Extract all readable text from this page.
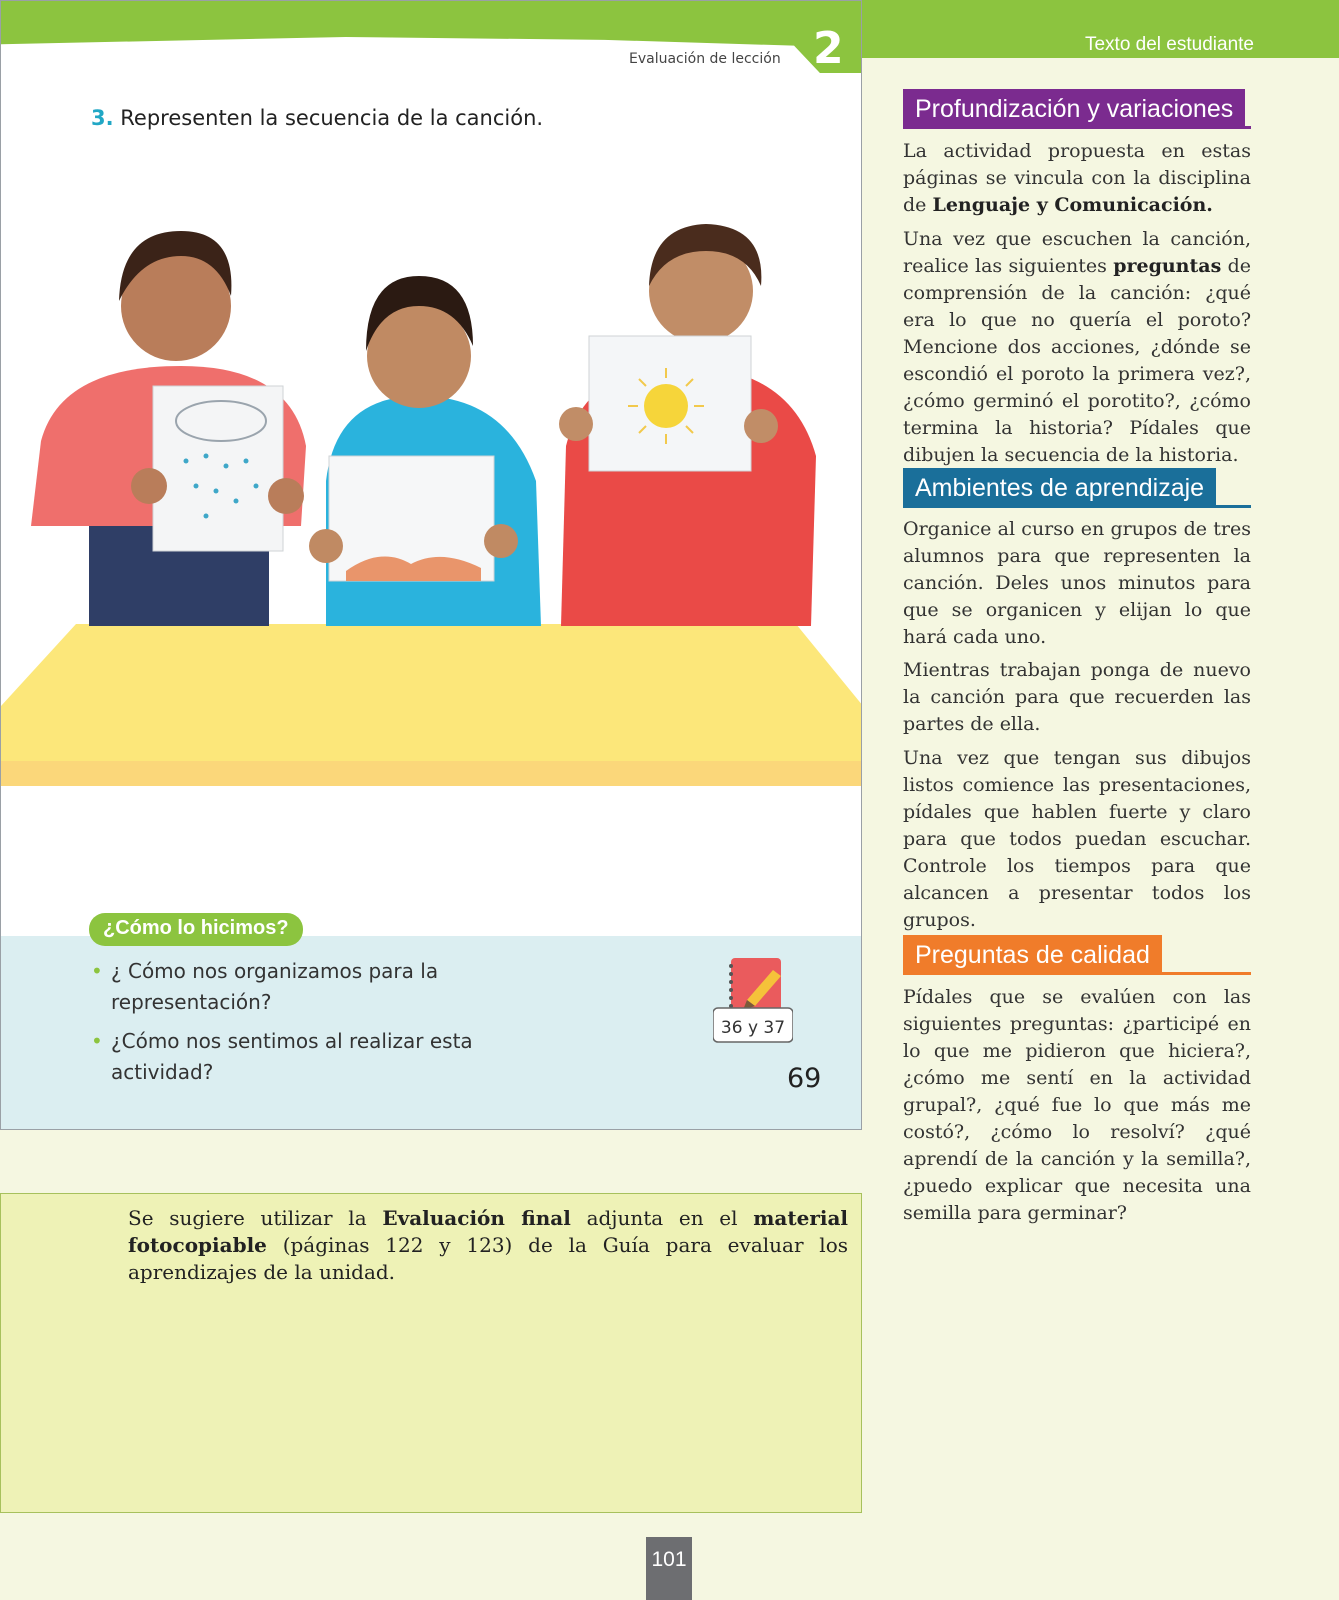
Texto del estudiante
Evaluación de lección 2
3. Representen la secuencia de la canción.
¿Cómo lo hicimos?
• ¿ Cómo nos organizamos para la representación?
• ¿Cómo nos sentimos al realizar esta actividad?
36 y 37
69
Se sugiere utilizar la Evaluación final adjunta en el material fotocopiable (páginas 122 y 123) de la Guía para evaluar los aprendizajes de la unidad.
Profundización y variaciones
La actividad propuesta en estas páginas se vincula con la disciplina de Lenguaje y Comunicación.
Una vez que escuchen la canción, realice las siguientes preguntas de comprensión de la canción: ¿qué era lo que no quería el poroto? Mencione dos acciones, ¿dónde se escondió el poroto la primera vez?, ¿cómo germinó el porotito?, ¿cómo termina la historia? Pídales que dibujen la secuencia de la historia.
Ambientes de aprendizaje
Organice al curso en grupos de tres alumnos para que representen la canción. Deles unos minutos para que se organicen y elijan lo que hará cada uno.
Mientras trabajan ponga de nuevo la canción para que recuerden las partes de ella.
Una vez que tengan sus dibujos listos comience las presentaciones, pídales que hablen fuerte y claro para que todos puedan escuchar. Controle los tiempos para que alcancen a presentar todos los grupos.
Preguntas de calidad
Pídales que se evalúen con las siguientes preguntas: ¿participé en lo que me pidieron que hiciera?, ¿cómo me sentí en la actividad grupal?, ¿qué fue lo que más me costó?, ¿cómo lo resolví? ¿qué aprendí de la canción y la semilla?, ¿puedo explicar que necesita una semilla para germinar?
101
